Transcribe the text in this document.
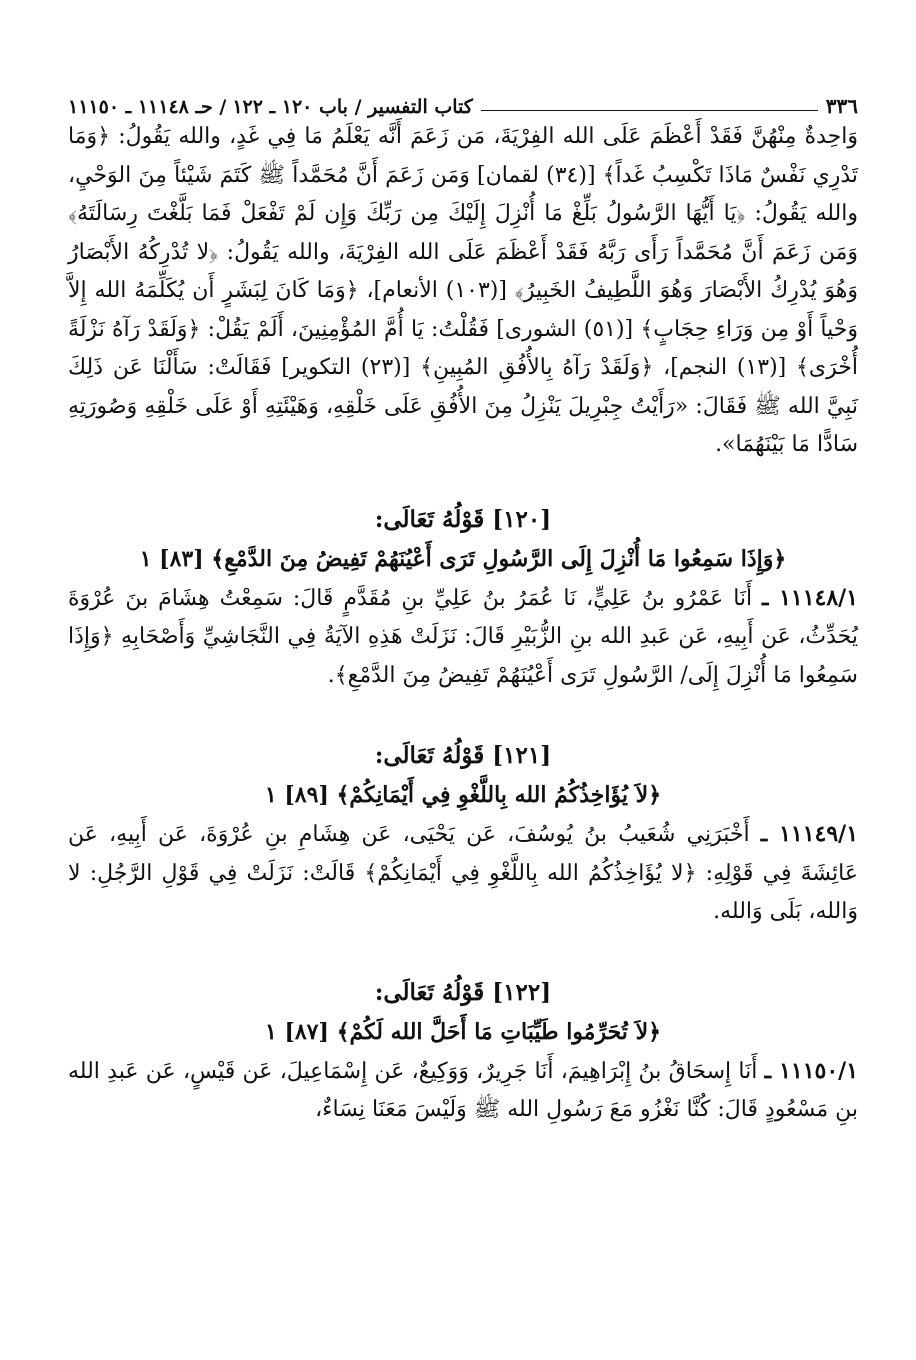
٣٣٦
كتاب التفسير / باب ١٢٠ ـ ١٢٢
/ حـ ١١١٤٨ ـ ١١١٥٠

وَاحِدةٌ مِنْهُنَّ فَقَدْ أَعْظَمَ عَلَى الله الفِرْيَةَ، مَن زَعَمَ أَنَّه يَعْلَمُ مَا فِي غَدٍ، والله يَقُولُ: ﴿وَمَا تَدْرِي نَفْسٌ مَاذَا تَكْسِبُ غَداً﴾ [(٣٤) لقمان] وَمَن زَعَمَ أَنَّ مُحَمَّداً ﷺ كَتَمَ شَيْئاً مِنَ الوَحْيِ، والله يَقُولُ: ﴿يَا أَيُّهَا الرَّسُولُ بَلِّغْ مَا أُنْزِلَ إِلَيْكَ مِن رَبِّكَ وَإِن لَمْ تَفْعَلْ فَمَا بَلَّغْتَ رِسَالَتَهُ﴾ وَمَن زَعَمَ أَنَّ مُحَمَّداً رَأَى رَبَّهُ فَقَدْ أَعْظَمَ عَلَى الله الفِرْيَةَ، والله يَقُولُ: ﴿لا تُدْرِكُهُ الأَبْصَارُ وَهُوَ يُدْرِكُ الأَبْصَارَ وَهُوَ اللَّطِيفُ الخَبِيرُ﴾ [(١٠٣) الأنعام]، ﴿وَمَا كَانَ لِبَشَرٍ أَن يُكَلِّمَهُ الله إِلاَّ وَحْياً أَوْ مِن وَرَاءِ حِجَابٍ﴾ [(٥١) الشورى] فَقُلْتُ: يَا أُمَّ المُؤْمِنِينَ، أَلَمْ يَقُلْ: ﴿وَلَقَدْ رَآهُ نَزْلَةً أُخْرَى﴾ [(١٣) النجم]، ﴿وَلَقَدْ رَآهُ بِالأُفُقِ المُبِينِ﴾ [(٢٣) التكوير] فَقَالَتْ: سَأَلْنَا عَن ذَلِكَ نَبِيَّ الله ﷺ فَقَالَ: «رَأَيْتُ جِبْرِيلَ يَنْزِلُ مِنَ الأُفُقِ عَلَى خَلْقِهِ، وَهَيْئَتِهِ أَوْ عَلَى خَلْقِهِ وَصُورَتِهِ سَادًّا مَا بَيْنَهُمَا».

[١٢٠] قَوْلُهُ تَعَالَى:
﴿وَإِذَا سَمِعُوا مَا أُنْزِلَ إِلَى الرَّسُولِ تَرَى أَعْيُنَهُمْ تَفِيضُ مِنَ الدَّمْعِ﴾ [٨٣] ١

١١١٤٨/١ ـ أَنَا عَمْرُو بنُ عَلِيٍّ، نَا عُمَرُ بنُ عَلِيِّ بنِ مُقَدَّمٍ قَالَ: سَمِعْتُ هِشَامَ بنَ عُرْوَةَ يُحَدِّثُ، عَن أَبِيهِ، عَن عَبدِ الله بنِ الزُّبَيْرِ قَالَ: نَزَلَتْ هَذِهِ الآيَةُ فِي النَّجَاشِيِّ وَأَصْحَابِهِ ﴿وَإِذَا سَمِعُوا مَا أُنْزِلَ إِلَى/ الرَّسُولِ تَرَى أَعْيُنَهُمْ تَفِيضُ مِنَ الدَّمْعِ﴾.

[١٢١] قَوْلُهُ تَعَالَى:
﴿لاَ يُؤَاخِذُكُمُ الله بِاللَّغْوِ فِي أَيْمَانِكُمْ﴾ [٨٩] ١

١١١٤٩/١ ـ أَخْبَرَنِي شُعَيبُ بنُ يُوسُفَ، عَن يَحْيَى، عَن هِشَامِ بنِ عُرْوَةَ، عَن أَبِيهِ، عَن عَائِشَةَ فِي قَوْلِهِ: ﴿لا يُؤَاخِذُكُمُ الله بِاللَّغْوِ فِي أَيْمَانِكُمْ﴾ قَالَتْ: نَزَلَتْ فِي قَوْلِ الرَّجُلِ: لا وَالله، بَلَى وَالله.

[١٢٢] قَوْلُهُ تَعَالَى:
﴿لاَ تُحَرِّمُوا طَيِّبَاتِ مَا أَحَلَّ الله لَكُمْ﴾ [٨٧] ١

١١١٥٠/١ ـ أَنَا إِسحَاقُ بنُ إِبْرَاهِيمَ، أَنَا جَرِيرٌ، وَوَكِيعٌ، عَن إِسْمَاعِيلَ، عَن قَيْسٍ، عَن عَبدِ الله بنِ مَسْعُودٍ قَالَ: كُنَّا نَغْزُو مَعَ رَسُولِ الله ﷺ وَلَيْسَ مَعَنَا نِسَاءٌ،
